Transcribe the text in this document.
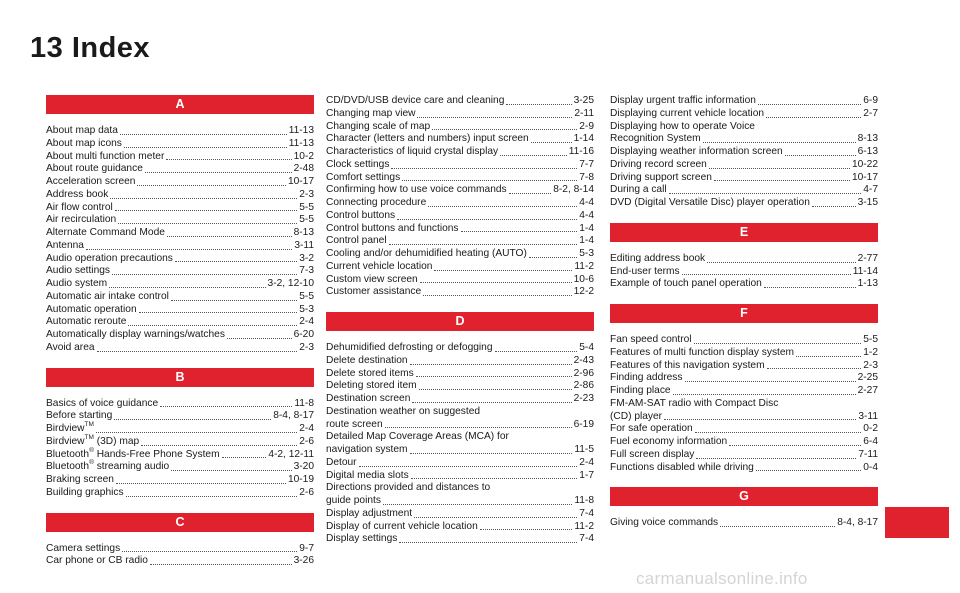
13 Index
A
About map data	11-13
About map icons	11-13
About multi function meter	10-2
About route guidance	2-48
Acceleration screen	10-17
Address book	2-3
Air flow control	5-5
Air recirculation	5-5
Alternate Command Mode	8-13
Antenna	3-11
Audio operation precautions	3-2
Audio settings	7-3
Audio system	3-2, 12-10
Automatic air intake control	5-5
Automatic operation	5-3
Automatic reroute	2-4
Automatically display warnings/watches	6-20
Avoid area	2-3
B
Basics of voice guidance	11-8
Before starting	8-4, 8-17
Birdview™	2-4
Birdview™ (3D) map	2-6
Bluetooth® Hands-Free Phone System	4-2, 12-11
Bluetooth® streaming audio	3-20
Braking screen	10-19
Building graphics	2-6
C
Camera settings	9-7
Car phone or CB radio	3-26
CD/DVD/USB device care and cleaning	3-25
Changing map view	2-11
Changing scale of map	2-9
Character (letters and numbers) input screen	1-14
Characteristics of liquid crystal display	11-16
Clock settings	7-7
Comfort settings	7-8
Confirming how to use voice commands	8-2, 8-14
Connecting procedure	4-4
Control buttons	4-4
Control buttons and functions	1-4
Control panel	1-4
Cooling and/or dehumidified heating (AUTO)	5-3
Current vehicle location	11-2
Custom view screen	10-6
Customer assistance	12-2
D
Dehumidified defrosting or defogging	5-4
Delete destination	2-43
Delete stored items	2-96
Deleting stored item	2-86
Destination screen	2-23
Destination weather on suggested
route screen	6-19
Detailed Map Coverage Areas (MCA) for
navigation system	11-5
Detour	2-4
Digital media slots	1-7
Directions provided and distances to
guide points	11-8
Display adjustment	7-4
Display of current vehicle location	11-2
Display settings	7-4
Display urgent traffic information	6-9
Displaying current vehicle location	2-7
Displaying how to operate Voice
Recognition System	8-13
Displaying weather information screen	6-13
Driving record screen	10-22
Driving support screen	10-17
During a call	4-7
DVD (Digital Versatile Disc) player operation	3-15
E
Editing address book	2-77
End-user terms	11-14
Example of touch panel operation	1-13
F
Fan speed control	5-5
Features of multi function display system	1-2
Features of this navigation system	2-3
Finding address	2-25
Finding place	2-27
FM-AM-SAT radio with Compact Disc
(CD) player	3-11
For safe operation	0-2
Fuel economy information	6-4
Full screen display	7-11
Functions disabled while driving	0-4
G
Giving voice commands	8-4, 8-17
carmanualsonline.info
